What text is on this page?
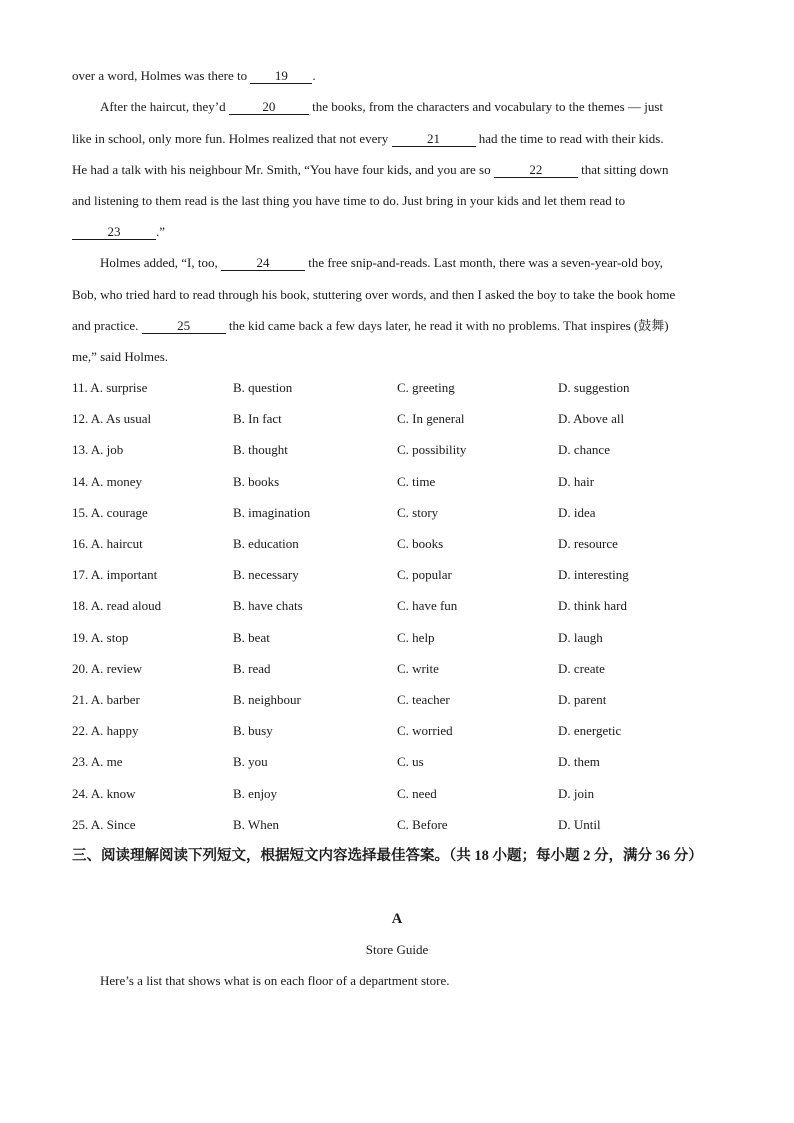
over a word, Holmes was there to 19 .
After the haircut, they’d	20	the books, from the characters and vocabulary to the themes — just
like in school, only more fun. Holmes realized that not every	21	had the time to read with their kids.
He had a talk with his neighbour Mr. Smith, “You have four kids, and you are so	22	that sitting down
and listening to them read is the last thing you have time to do. Just bring in your kids and let them read to
23	.”
Holmes added, “I, too,	24	the free snip-and-reads. Last month, there was a seven-year-old boy,
Bob, who tried hard to read through his book, stuttering over words, and then I asked the boy to take the book home
and practice.	25	the kid came back a few days later, he read it with no problems. That inspires (鼓舞)
me,” said Holmes.
11. A. surprise	B. question	C. greeting	D. suggestion
12. A. As usual	B. In fact	C. In general	D. Above all
13. A. job	B. thought	C. possibility	D. chance
14. A. money	B. books	C. time	D. hair
15. A. courage	B. imagination	C. story	D. idea
16. A. haircut	B. education	C. books	D. resource
17. A. important	B. necessary	C. popular	D. interesting
18. A. read aloud	B. have chats	C. have fun	D. think hard
19. A. stop	B. beat	C. help	D. laugh
20. A. review	B. read	C. write	D. create
21. A. barber	B. neighbour	C. teacher	D. parent
22. A. happy	B. busy	C. worried	D. energetic
23. A. me	B. you	C. us	D. them
24. A. know	B. enjoy	C. need	D. join
25. A. Since	B. When	C. Before	D. Until
三、阅读理解阅读下列短文，根据短文内容选择最佳答案。（共 18 小题；每小题 2 分，满分 36 分）
A
Store Guide
Here’s a list that shows what is on each floor of a department store.
